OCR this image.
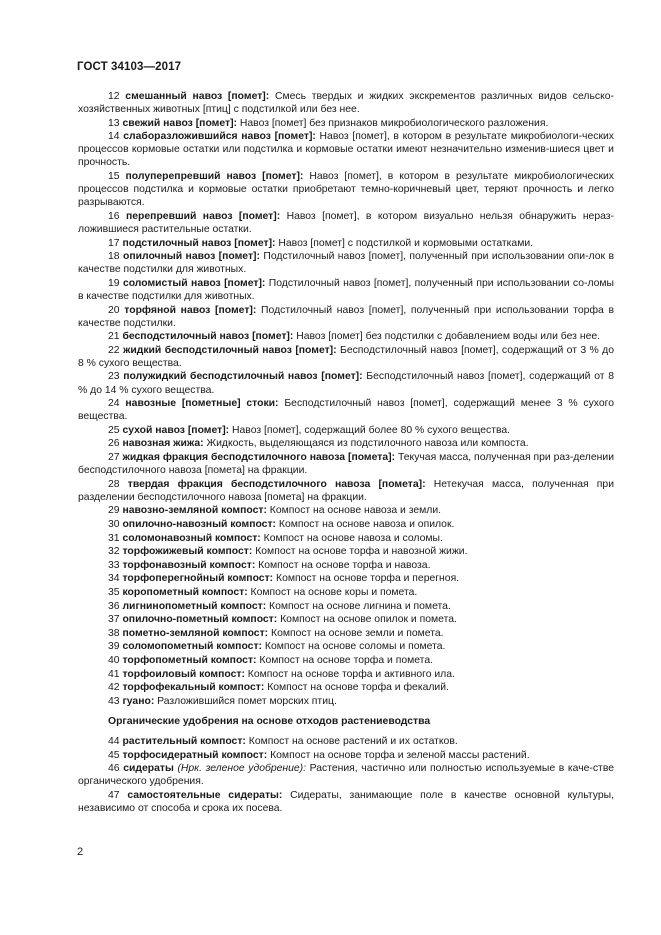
ГОСТ 34103—2017

12 смешанный навоз [помет]: Смесь твердых и жидких экскрементов различных видов сельско-хозяйственных животных [птиц] с подстилкой или без нее.

13 свежий навоз [помет]: Навоз [помет] без признаков микробиологического разложения.

14 слаборазложившийся навоз [помет]: Навоз [помет], в котором в результате микробиологи-ческих процессов кормовые остатки или подстилка и кормовые остатки имеют незначительно изменив-шиеся цвет и прочность.

15 полуперепревший навоз [помет]: Навоз [помет], в котором в результате микробиологических процессов подстилка и кормовые остатки приобретают темно-коричневый цвет, теряют прочность и легко разрываются.

16 перепревший навоз [помет]: Навоз [помет], в котором визуально нельзя обнаружить нераз-ложившиеся растительные остатки.

17 подстилочный навоз [помет]: Навоз [помет] с подстилкой и кормовыми остатками.

18 опилочный навоз [помет]: Подстилочный навоз [помет], полученный при использовании опи-лок в качестве подстилки для животных.

19 соломистый навоз [помет]: Подстилочный навоз [помет], полученный при использовании со-ломы в качестве подстилки для животных.

20 торфяной навоз [помет]: Подстилочный навоз [помет], полученный при использовании торфа в качестве подстилки.

21 бесподстилочный навоз [помет]: Навоз [помет] без подстилки с добавлением воды или без нее.

22 жидкий бесподстилочный навоз [помет]: Бесподстилочный навоз [помет], содержащий от 3 % до 8 % сухого вещества.

23 полужидкий бесподстилочный навоз [помет]: Бесподстилочный навоз [помет], содержащий от 8 % до 14 % сухого вещества.

24 навозные [пометные] стоки: Бесподстилочный навоз [помет], содержащий менее 3 % сухого вещества.

25 сухой навоз [помет]: Навоз [помет], содержащий более 80 % сухого вещества.

26 навозная жижа: Жидкость, выделяющаяся из подстилочного навоза или компоста.

27 жидкая фракция бесподстилочного навоза [помета]: Текучая масса, полученная при раз-делении бесподстилочного навоза [помета] на фракции.

28 твердая фракция бесподстилочного навоза [помета]: Нетекучая масса, полученная при разделении бесподстилочного навоза [помета] на фракции.

29 навозно-земляной компост: Компост на основе навоза и земли.

30 опилочно-навозный компост: Компост на основе навоза и опилок.

31 соломонавозный компост: Компост на основе навоза и соломы.

32 торфожижевый компост: Компост на основе торфа и навозной жижи.

33 торфонавозный компост: Компост на основе торфа и навоза.

34 торфоперегнойный компост: Компост на основе торфа и перегноя.

35 коропометный компост: Компост на основе коры и помета.

36 лигнинопометный компост: Компост на основе лигнина и помета.

37 опилочно-пометный компост: Компост на основе опилок и помета.

38 пометно-земляной компост: Компост на основе земли и помета.

39 соломопометный компост: Компост на основе соломы и помета.

40 торфопометный компост: Компост на основе торфа и помета.

41 торфоиловый компост: Компост на основе торфа и активного ила.

42 торфофекальный компост: Компост на основе торфа и фекалий.

43 гуано: Разложившийся помет морских птиц.

Органические удобрения на основе отходов растениеводства

44 растительный компост: Компост на основе растений и их остатков.

45 торфосидератный компост: Компост на основе торфа и зеленой массы растений.

46 сидераты (Нрк. зеленое удобрение): Растения, частично или полностью используемые в каче-стве органического удобрения.

47 самостоятельные сидераты: Сидераты, занимающие поле в качестве основной культуры, независимо от способа и срока их посева.

2
